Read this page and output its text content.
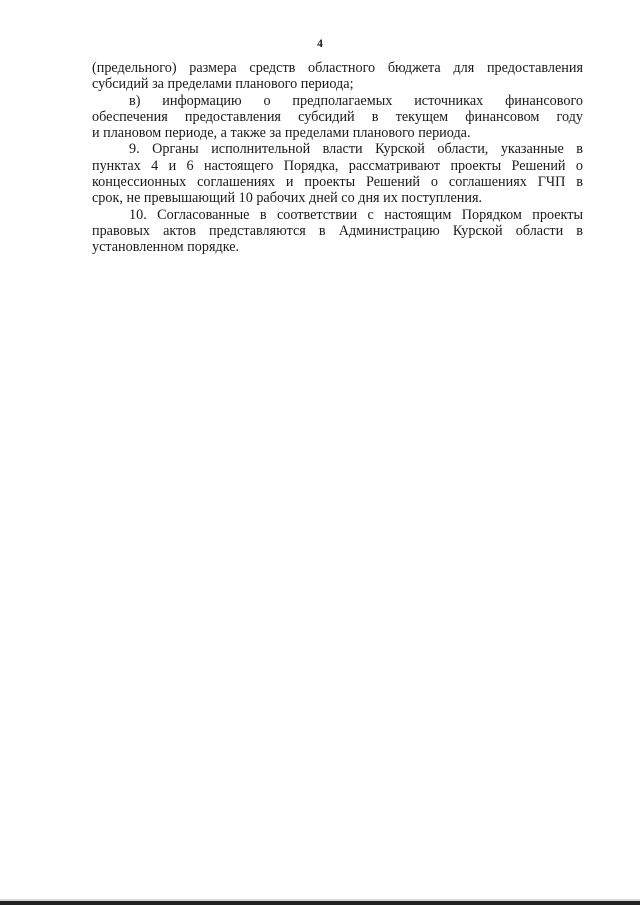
4
(предельного) размера средств областного бюджета для предоставления
субсидий за пределами планового периода;
в) информацию о предполагаемых источниках финансового
обеспечения предоставления субсидий в текущем финансовом году
и плановом периоде, а также за пределами планового периода.
9. Органы исполнительной власти Курской области, указанные в
пунктах 4 и 6 настоящего Порядка, рассматривают проекты Решений о
концессионных соглашениях и проекты Решений о соглашениях ГЧП в
срок, не превышающий 10 рабочих дней со дня их поступления.
10. Согласованные в соответствии с настоящим Порядком проекты
правовых актов представляются в Администрацию Курской области в
установленном порядке.
